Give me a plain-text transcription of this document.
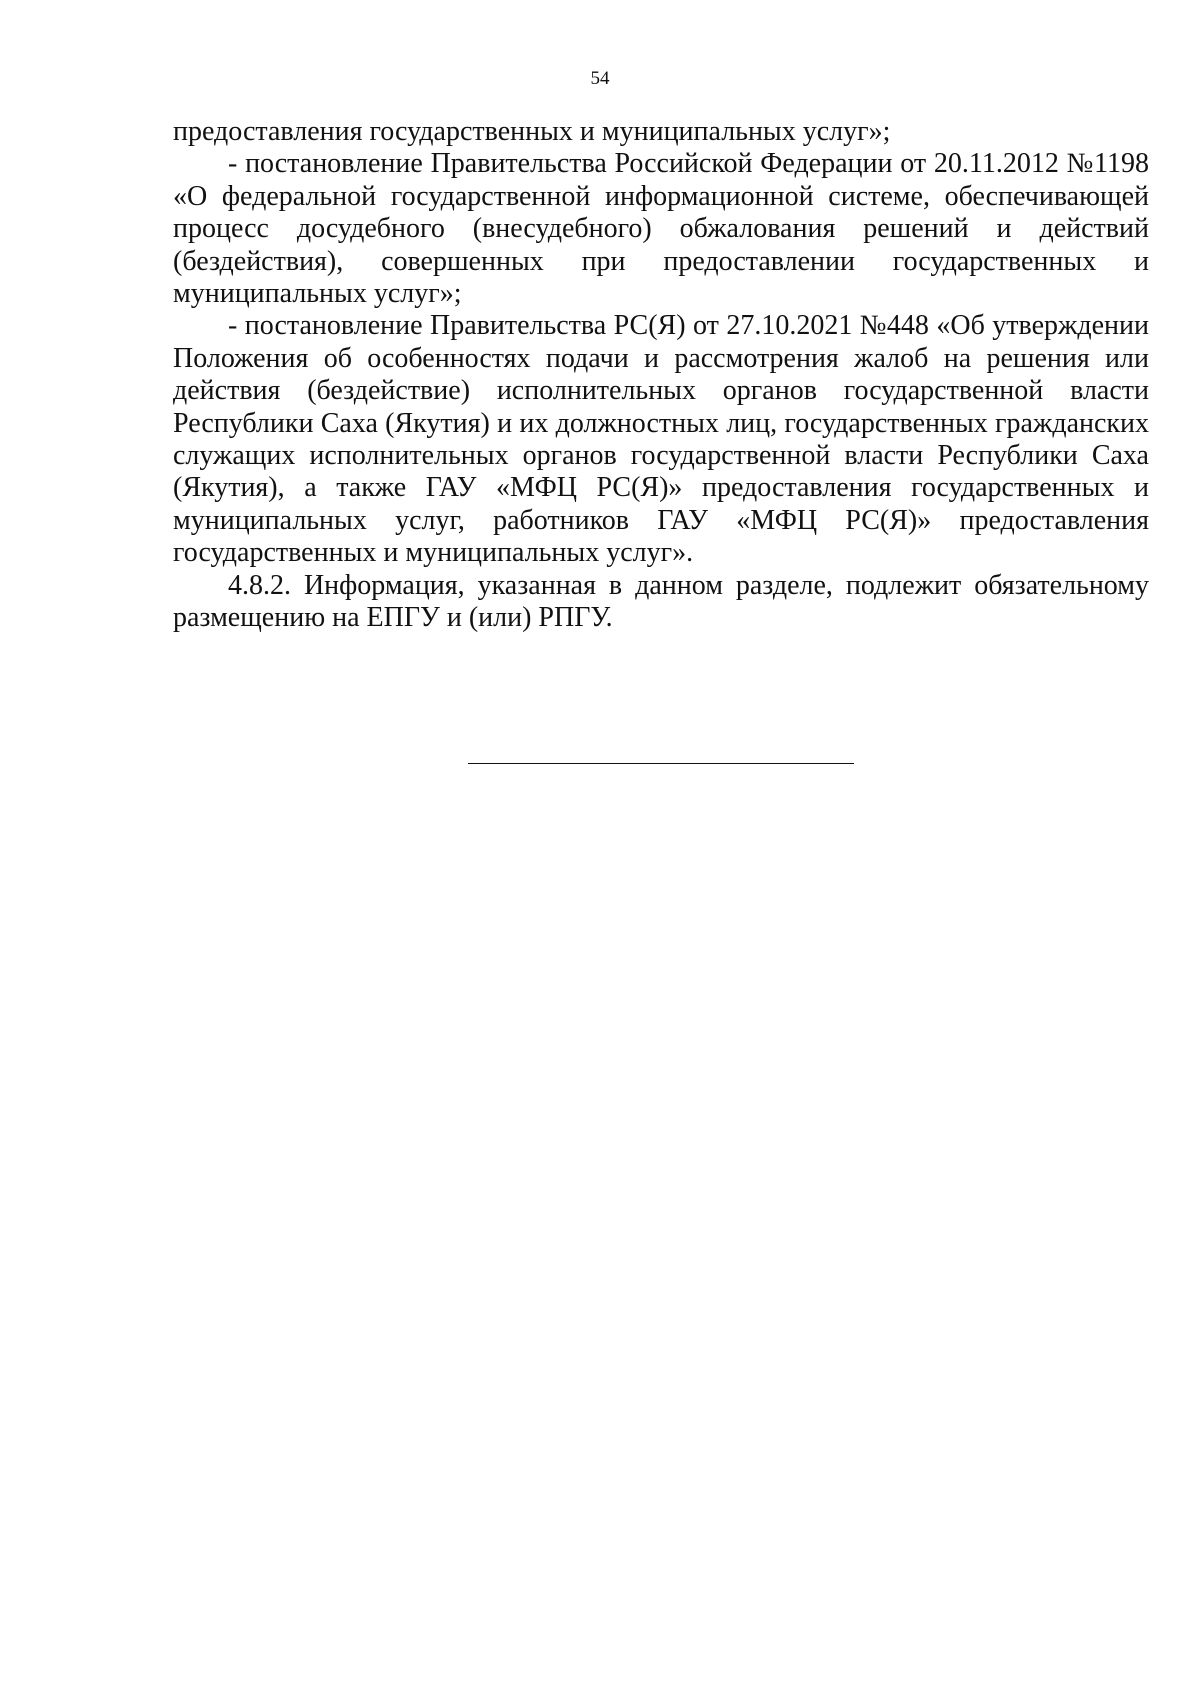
54

предоставления государственных и муниципальных услуг»;

- постановление Правительства Российской Федерации от 20.11.2012 №1198 «О федеральной государственной информационной системе, обеспечивающей процесс досудебного (внесудебного) обжалования решений и действий (бездействия), совершенных при предоставлении государственных и муниципальных услуг»;

- постановление Правительства РС(Я) от 27.10.2021 №448 «Об утверждении Положения об особенностях подачи и рассмотрения жалоб на решения или действия (бездействие) исполнительных органов государственной власти Республики Саха (Якутия) и их должностных лиц, государственных гражданских служащих исполнительных органов государственной власти Республики Саха (Якутия), а также ГАУ «МФЦ РС(Я)» предоставления государственных и муниципальных услуг, работников ГАУ «МФЦ РС(Я)» предоставления государственных и муниципальных услуг».

4.8.2. Информация, указанная в данном разделе, подлежит обязательному размещению на ЕПГУ и (или) РПГУ.
